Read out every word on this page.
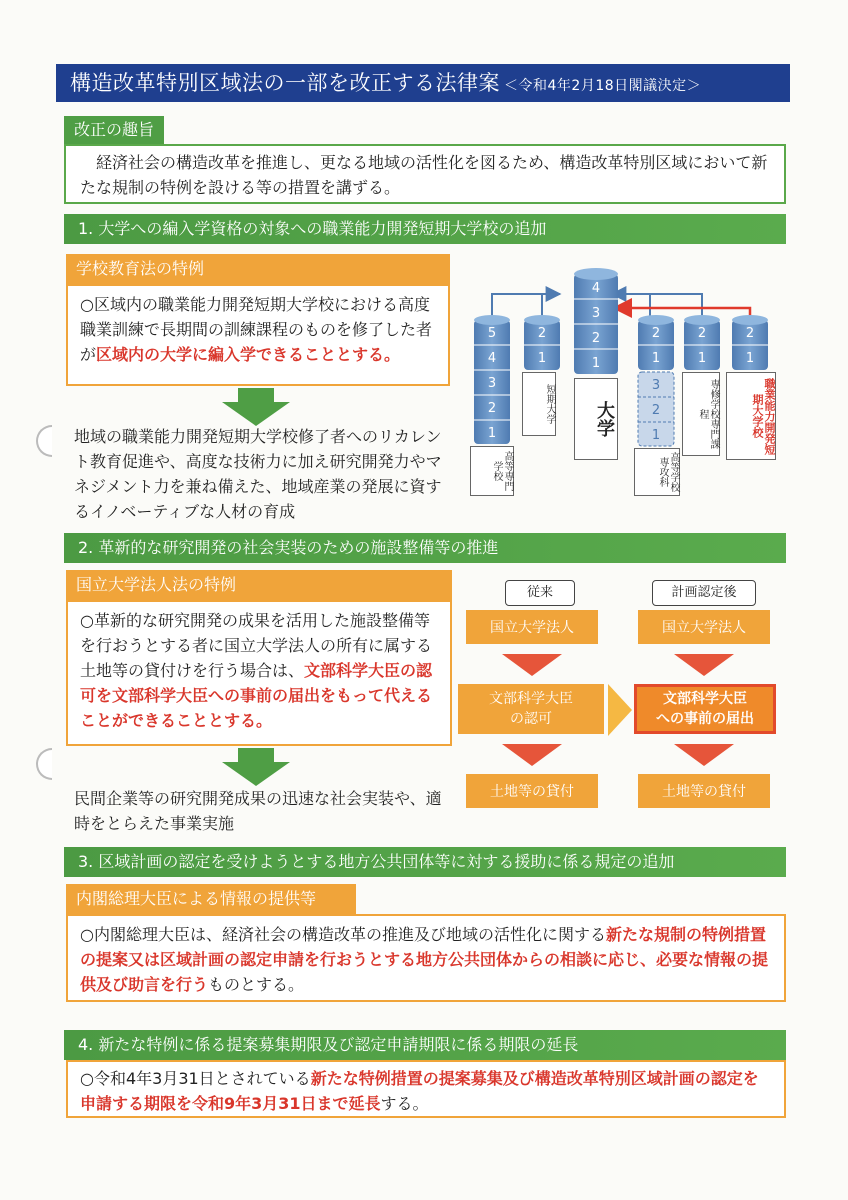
構造改革特別区域法の一部を改正する法律案 ＜令和4年2月18日閣議決定＞
改正の趣旨
経済社会の構造改革を推進し、更なる地域の活性化を図るため、構造改革特別区域において新たな規制の特例を設ける等の措置を講ずる。
1. 大学への編入学資格の対象への職業能力開発短期大学校の追加
学校教育法の特例
○区域内の職業能力開発短期大学校における高度職業訓練で長期間の訓練課程のものを修了した者が区域内の大学に編入学できることとする。
地域の職業能力開発短期大学校修了者へのリカレント教育促進や、高度な技術力に加え研究開発力やマネジメント力を兼ね備えた、地域産業の発展に資するイノベーティブな人材の育成
5
4
3
2
1
2
1
4
3
2
1
2
1
3
2
1
2
1
2
1
高等専門学校
短期大学	大学
高等学校専攻科
専修学校専門課程	職業能力開発短期大学校
2. 革新的な研究開発の社会実装のための施設整備等の推進
国立大学法人法の特例
○革新的な研究開発の成果を活用した施設整備等を行おうとする者に国立大学法人の所有に属する土地等の貸付けを行う場合は、文部科学大臣の認可を文部科学大臣への事前の届出をもって代えることができることとする。
民間企業等の研究開発成果の迅速な社会実装や、適時をとらえた事業実施
従来
国立大学法人
文部科学大臣
の認可
土地等の貸付
計画認定後
国立大学法人
文部科学大臣
への事前の届出
土地等の貸付
3. 区域計画の認定を受けようとする地方公共団体等に対する援助に係る規定の追加
内閣総理大臣による情報の提供等
○内閣総理大臣は、経済社会の構造改革の推進及び地域の活性化に関する新たな規制の特例措置の提案又は区域計画の認定申請を行おうとする地方公共団体からの相談に応じ、必要な情報の提供及び助言を行うものとする。
4. 新たな特例に係る提案募集期限及び認定申請期限に係る期限の延長
○令和4年3月31日とされている新たな特例措置の提案募集及び構造改革特別区域計画の認定を申請する期限を令和9年3月31日まで延長する。
